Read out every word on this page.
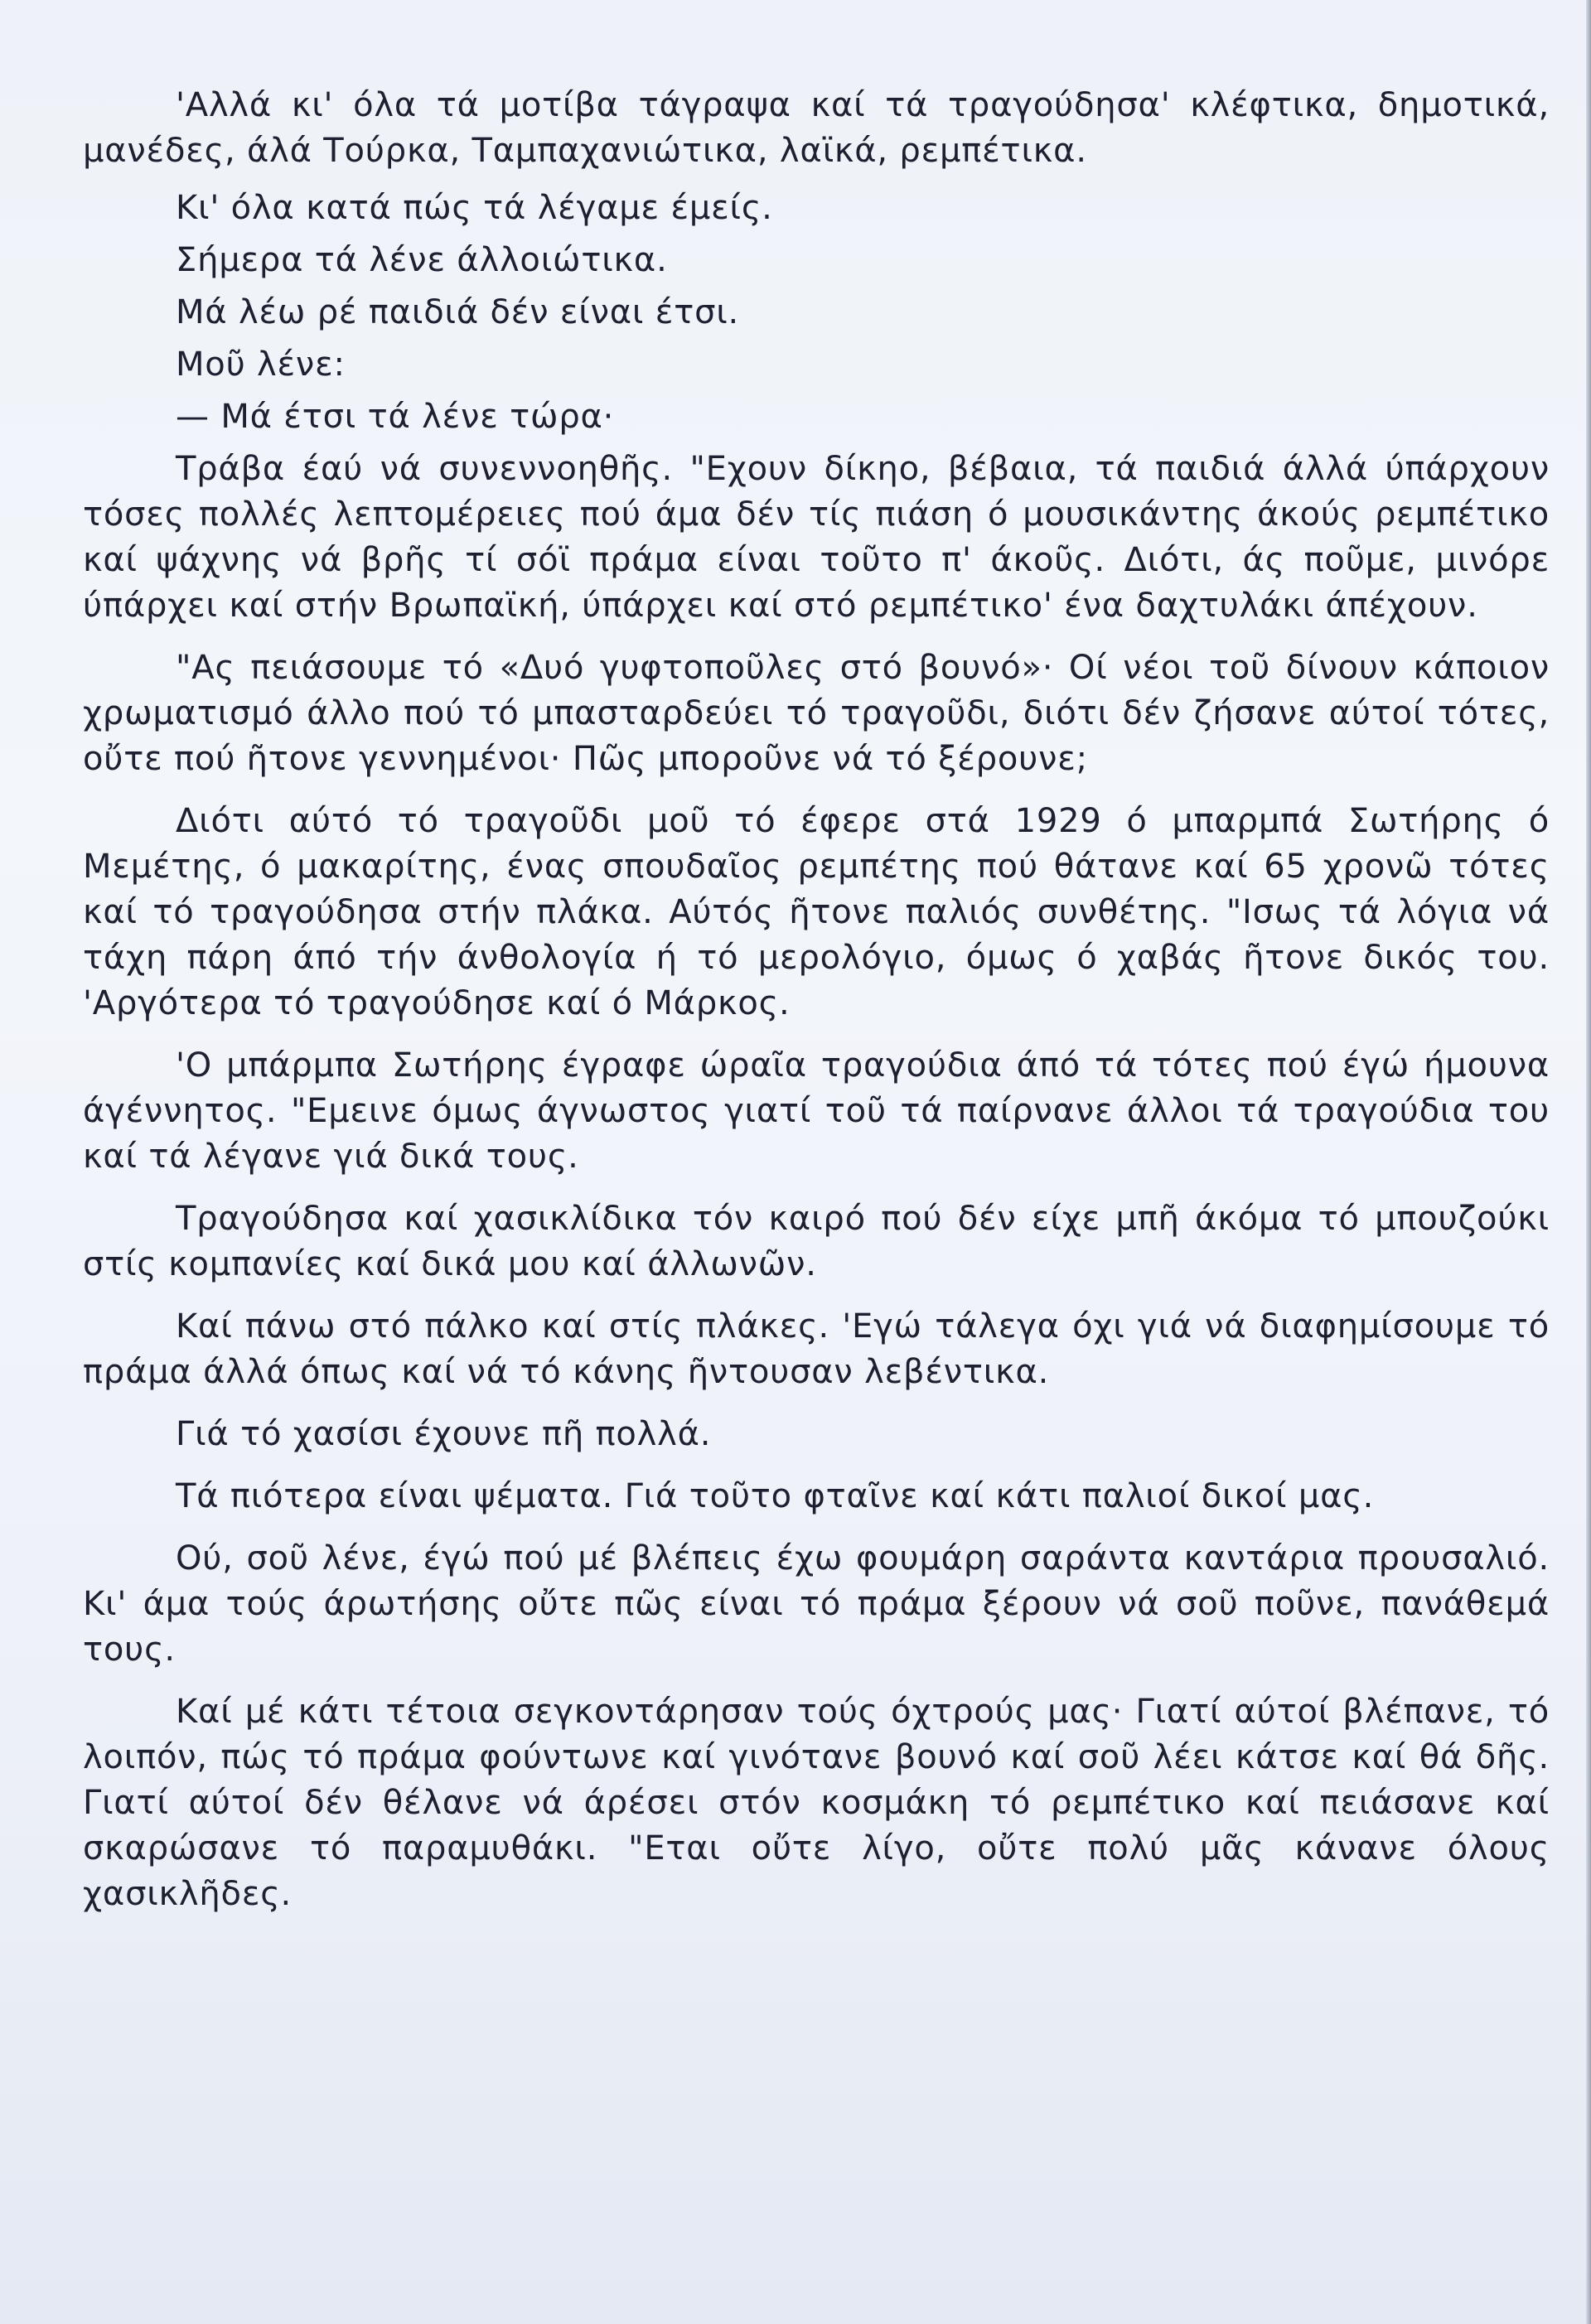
'Αλλά κι' όλα τά μοτίβα τάγραψα καί τά τραγούδησα' κλέφτικα, δημοτικά, μανέδες, άλά Τούρκα, Ταμπαχανιώτικα, λαϊκά, ρεμπέτικα.

Κι' όλα κατά πώς τά λέγαμε έμείς.

Σήμερα τά λένε άλλοιώτικα.

Μά λέω ρέ παιδιά δέν είναι έτσι.

Μοῦ λένε:

— Μά έτσι τά λένε τώρα·

Τράβα έαύ νά συνεννοηθῆς. "Εχουν δίκηο, βέβαια, τά παιδιά άλλά ύπάρχουν τόσες πολλές λεπτομέρειες πού άμα δέν τίς πιάση ό μουσικάντης άκούς ρεμπέτικο καί ψάχνης νά βρῆς τί σόϊ πράμα είναι τοῦτο π' άκοῦς. Διότι, άς ποῦμε, μινόρε ύπάρχει καί στήν Βρωπαϊκή, ύπάρχει καί στό ρεμπέτικο' ένα δαχτυλάκι άπέχουν.

"Ας πειάσουμε τό «Δυό γυφτοποῦλες στό βουνό»· Οί νέοι τοῦ δίνουν κάποιον χρωματισμό άλλο πού τό μπασταρδεύει τό τραγοῦδι, διότι δέν ζήσανε αύτοί τότες, οὔτε πού ῆτονε γεννημένοι· Πῶς μποροῦνε νά τό ξέρουνε;

Διότι αύτό τό τραγοῦδι μοῦ τό έφερε στά 1929 ό μπαρμπά Σωτήρης ό Μεμέτης, ό μακαρίτης, ένας σπουδαῖος ρεμπέτης πού θάτανε καί 65 χρονῶ τότες καί τό τραγούδησα στήν πλάκα. Αύτός ῆτονε παλιός συνθέτης. "Ισως τά λόγια νά τάχη πάρη άπό τήν άνθολογία ή τό μερολόγιο, όμως ό χαβάς ῆτονε δικός του. 'Αργότερα τό τραγούδησε καί ό Μάρκος.

'Ο μπάρμπα Σωτήρης έγραφε ώραῖα τραγούδια άπό τά τότες πού έγώ ήμουνα άγέννητος. "Εμεινε όμως άγνωστος γιατί τοῦ τά παίρνανε άλλοι τά τραγούδια του καί τά λέγανε γιά δικά τους.

Τραγούδησα καί χασικλίδικα τόν καιρό πού δέν είχε μπῆ άκόμα τό μπουζούκι στίς κομπανίες καί δικά μου καί άλλωνῶν.

Καί πάνω στό πάλκο καί στίς πλάκες. 'Εγώ τάλεγα όχι γιά νά διαφημίσουμε τό πράμα άλλά όπως καί νά τό κάνης ῆντουσαν λεβέντικα.

Γιά τό χασίσι έχουνε πῆ πολλά.

Τά πιότερα είναι ψέματα. Γιά τοῦτο φταῖνε καί κάτι παλιοί δικοί μας.

Ού, σοῦ λένε, έγώ πού μέ βλέπεις έχω φουμάρη σαράντα καντάρια προυσαλιό. Κι' άμα τούς άρωτήσης οὔτε πῶς είναι τό πράμα ξέρουν νά σοῦ ποῦνε, πανάθεμά τους.

Καί μέ κάτι τέτοια σεγκοντάρησαν τούς όχτρούς μας· Γιατί αύτοί βλέπανε, τό λοιπόν, πώς τό πράμα φούντωνε καί γινότανε βουνό καί σοῦ λέει κάτσε καί θά δῆς. Γιατί αύτοί δέν θέλανε νά άρέσει στόν κοσμάκη τό ρεμπέτικο καί πειάσανε καί σκαρώσανε τό παραμυθάκι. "Εται οὔτε λίγο, οὔτε πολύ μᾶς κάνανε όλους χασικλῆδες.
